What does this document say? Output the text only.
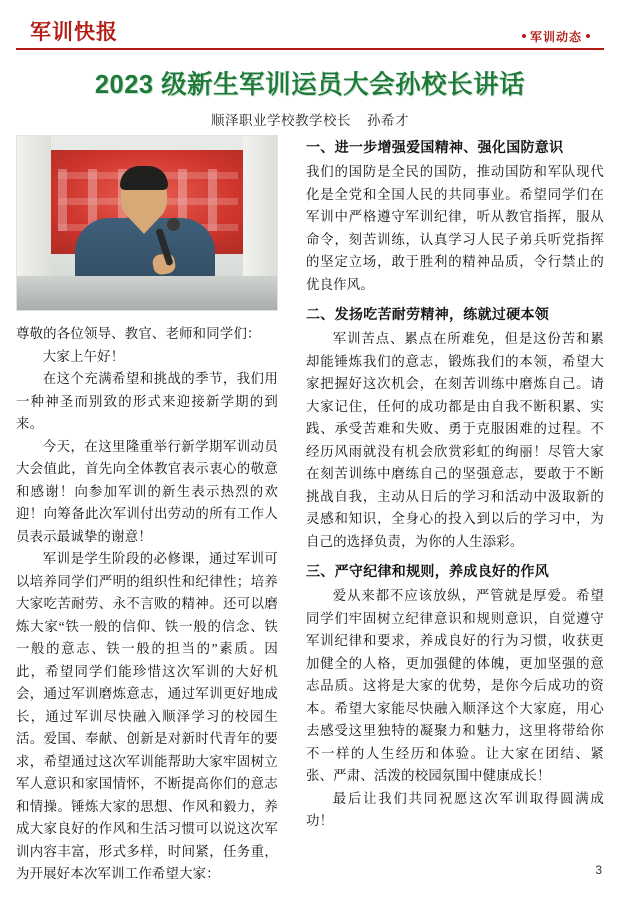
军训快报	军训动态
2023 级新生军训运员大会孙校长讲话
顺泽职业学校教学校长 孙希才

尊敬的各位领导、教官、老师和同学们：

大家上午好！

在这个充满希望和挑战的季节，我们用一种神圣而别致的形式来迎接新学期的到来。

今天，在这里隆重举行新学期军训动员大会值此，首先向全体教官表示衷心的敬意和感谢！向参加军训的新生表示热烈的欢迎！向筹备此次军训付出劳动的所有工作人员表示最诚挚的谢意！

军训是学生阶段的必修课，通过军训可以培养同学们严明的组织性和纪律性；培养大家吃苦耐劳、永不言败的精神。还可以磨炼大家“铁一般的信仰、铁一般的信念、铁一般的意志、铁一般的担当的”素质。因此，希望同学们能珍惜这次军训的大好机会，通过军训磨炼意志，通过军训更好地成长，通过军训尽快融入顺泽学习的校园生活。爱国、奉献、创新是对新时代青年的要求，希望通过这次军训能帮助大家牢固树立军人意识和家国情怀，不断提高你们的意志和情操。锤炼大家的思想、作风和毅力，养成大家良好的作风和生活习惯可以说这次军训内容丰富，形式多样，时间紧，任务重，为开展好本次军训工作希望大家：

一、进一步增强爱国精神、强化国防意识

我们的国防是全民的国防，推动国防和军队现代化是全党和全国人民的共同事业。希望同学们在军训中严格遵守军训纪律，听从教官指挥，服从命令，刻苦训练，认真学习人民子弟兵听党指挥的坚定立场，敢于胜利的精神品质，令行禁止的优良作风。

二、发扬吃苦耐劳精神，练就过硬本领

军训苦点、累点在所难免，但是这份苦和累却能锤炼我们的意志，锻炼我们的本领，希望大家把握好这次机会，在刻苦训练中磨炼自己。请大家记住，任何的成功都是由自我不断积累、实践、承受苦难和失败、勇于克服困难的过程。不经历风雨就没有机会欣赏彩虹的绚丽！尽管大家在刻苦训练中磨练自己的坚强意志，要敢于不断挑战自我，主动从日后的学习和活动中汲取新的灵感和知识，全身心的投入到以后的学习中，为自己的选择负责，为你的人生添彩。

三、严守纪律和规则，养成良好的作风

爱从来都不应该放纵，严管就是厚爱。希望同学们牢固树立纪律意识和规则意识，自觉遵守军训纪律和要求，养成良好的行为习惯，收获更加健全的人格，更加强健的体魄，更加坚强的意志品质。这将是大家的优势，是你今后成功的资本。希望大家能尽快融入顺泽这个大家庭，用心去感受这里独特的凝聚力和魅力，这里将带给你不一样的人生经历和体验。让大家在团结、紧张、严肃、活泼的校园氛围中健康成长！

最后让我们共同祝愿这次军训取得圆满成功！

3
